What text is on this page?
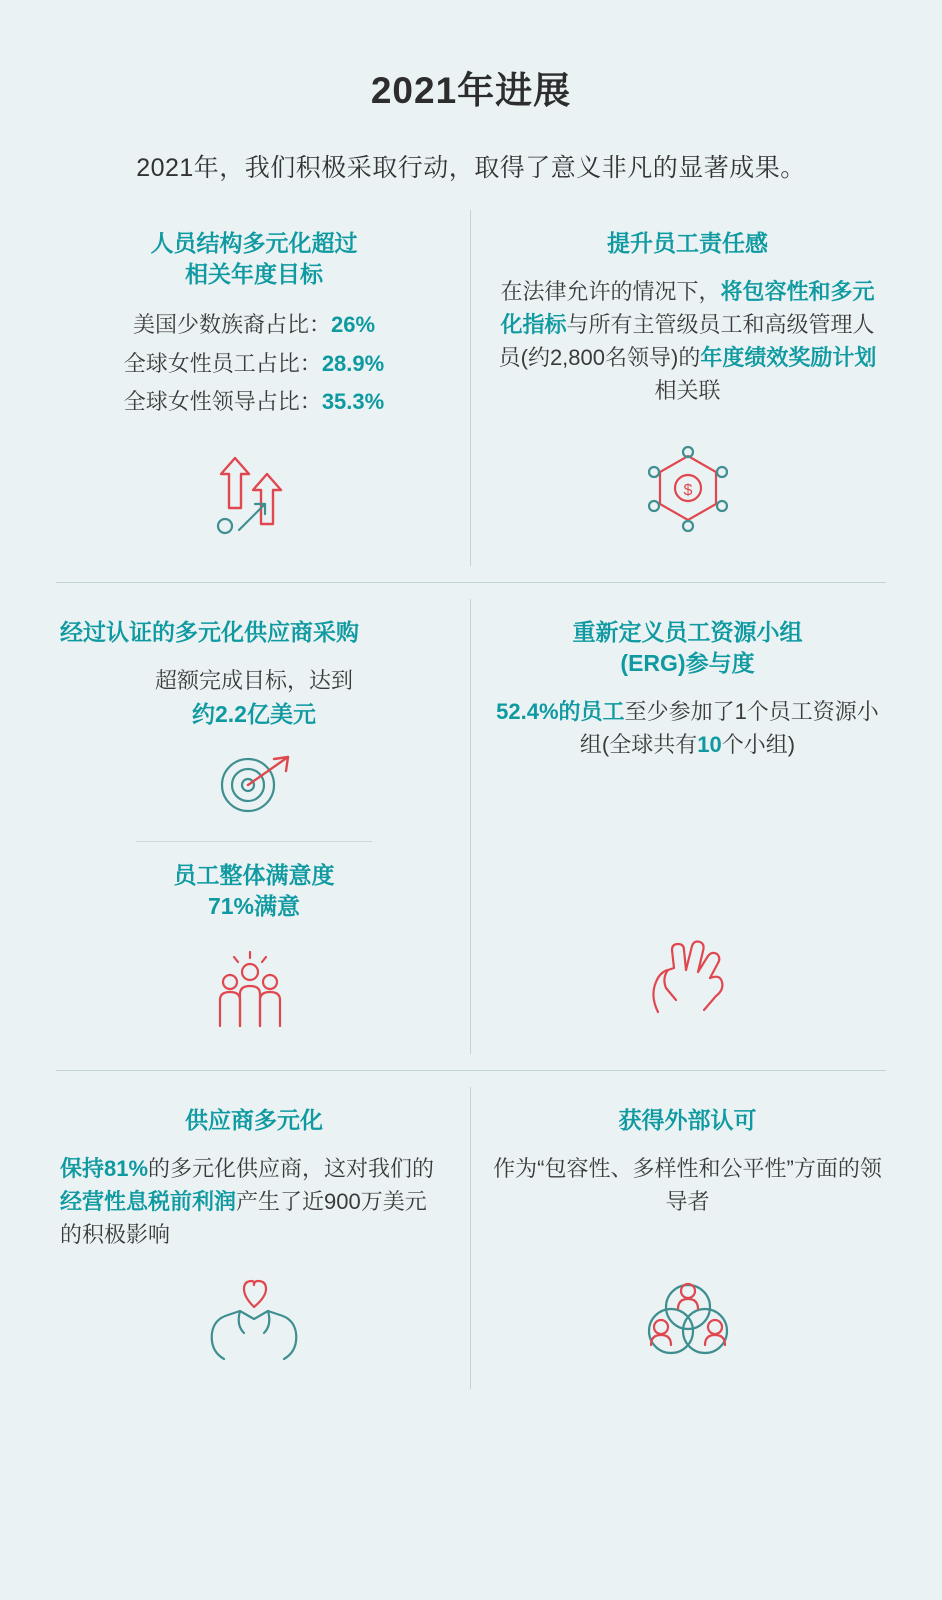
2021年进展

2021年，我们积极采取行动，取得了意义非凡的显著成果。

人员结构多元化超过
相关年度目标
美国少数族裔占比：26%
全球女性员工占比：28.9%
全球女性领导占比：35.3%
提升员工责任感
在法律允许的情况下，将包容性和多元化指标与所有主管级员工和高级管理人员(约2,800名领导)的年度绩效奖励计划相关联
$
经过认证的多元化供应商采购
超额完成目标，达到
约2.2亿美元
员工整体满意度
71%满意
重新定义员工资源小组
(ERG)参与度
52.4%的员工至少参加了1个员工资源小组(全球共有10个小组)
供应商多元化
保持81%的多元化供应商，这对我们的经营性息税前利润产生了近900万美元的积极影响
获得外部认可
作为“包容性、多样性和公平性”方面的领导者
